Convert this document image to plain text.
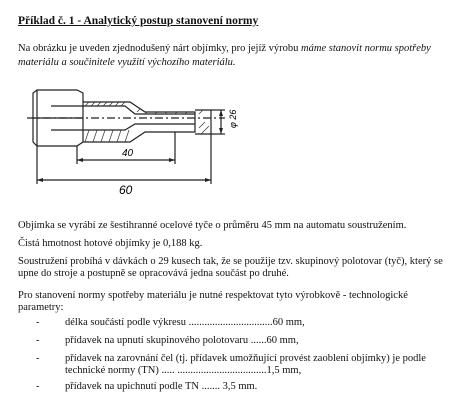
Příklad č. 1 - Analytický postup stanovení normy
Na obrázku je uveden zjednodušený nárt objímky, pro jejíž výrobu máme stanovit normu spotřeby materiálu a součinitele využití výchozího materiálu.
40
60
φ 26
Objímka se vyrábí ze šestihranné ocelové tyče o průměru 45 mm na automatu soustružením.
Čistá hmotnost hotové objímky je 0,188 kg.
Soustružení probíhá v dávkách o 29 kusech tak, že se použije tzv. skupinový polotovar (tyč), který se upne do stroje a postupně se opracovává jedna součást po druhé.
Pro stanovení normy spotřeby materiálu je nutné respektovat tyto výrobkově - technologické parametry:
- délka součástí podle výkresu ................................60 mm,
- přídavek na upnutí skupinového polotovaru ......60 mm,
- přídavek na zarovnání čel (tj. přídavek umožňující provést zaoblení objímky) je podle technické normy (TN) ..... ..................................1,5 mm,
- přídavek na upichnutí podle TN ....... 3,5 mm.
